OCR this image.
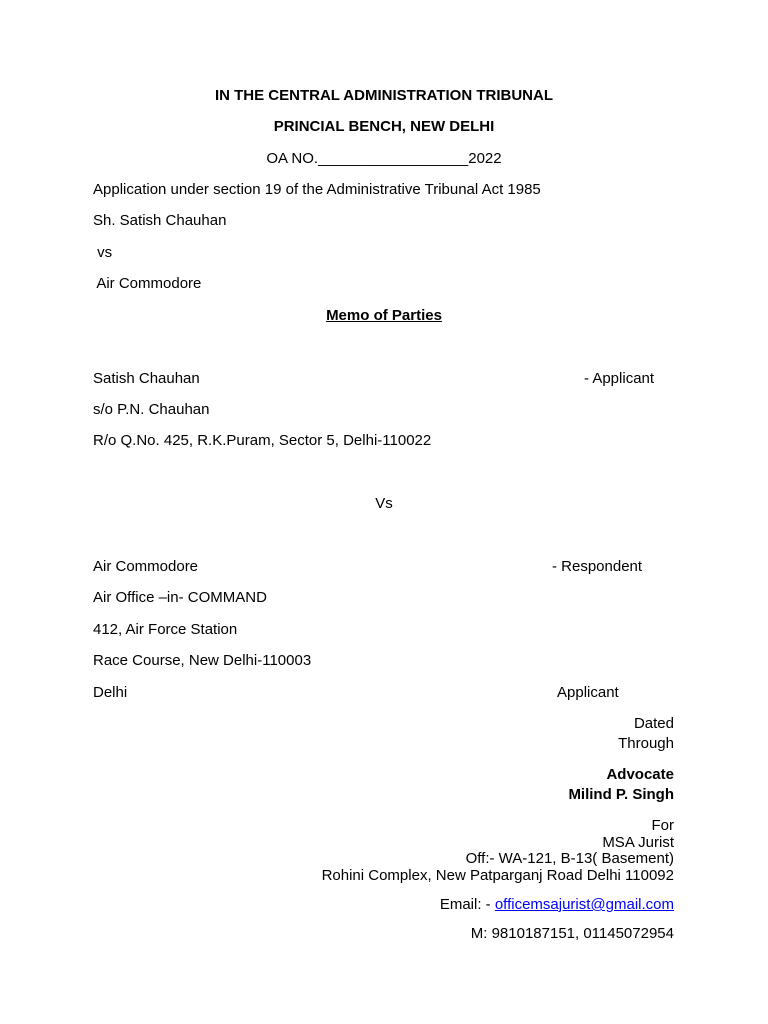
IN THE CENTRAL ADMINISTRATION TRIBUNAL
PRINCIAL BENCH, NEW DELHI
OA NO.__________________2022
Application under section 19 of the Administrative Tribunal Act 1985
Sh. Satish Chauhan
vs
Air Commodore
Memo of Parties
Satish Chauhan	- Applicant
s/o P.N. Chauhan
R/o Q.No. 425, R.K.Puram, Sector 5, Delhi-110022
Vs
Air Commodore	- Respondent
Air Office –in- COMMAND
412, Air Force Station
Race Course, New Delhi-110003
Delhi	Applicant
Dated
Through
Advocate
Milind P. Singh
For
MSA Jurist
Off:- WA-121, B-13( Basement)
Rohini Complex, New Patparganj Road Delhi 110092
Email: - officemsajurist@gmail.com
M: 9810187151, 01145072954
